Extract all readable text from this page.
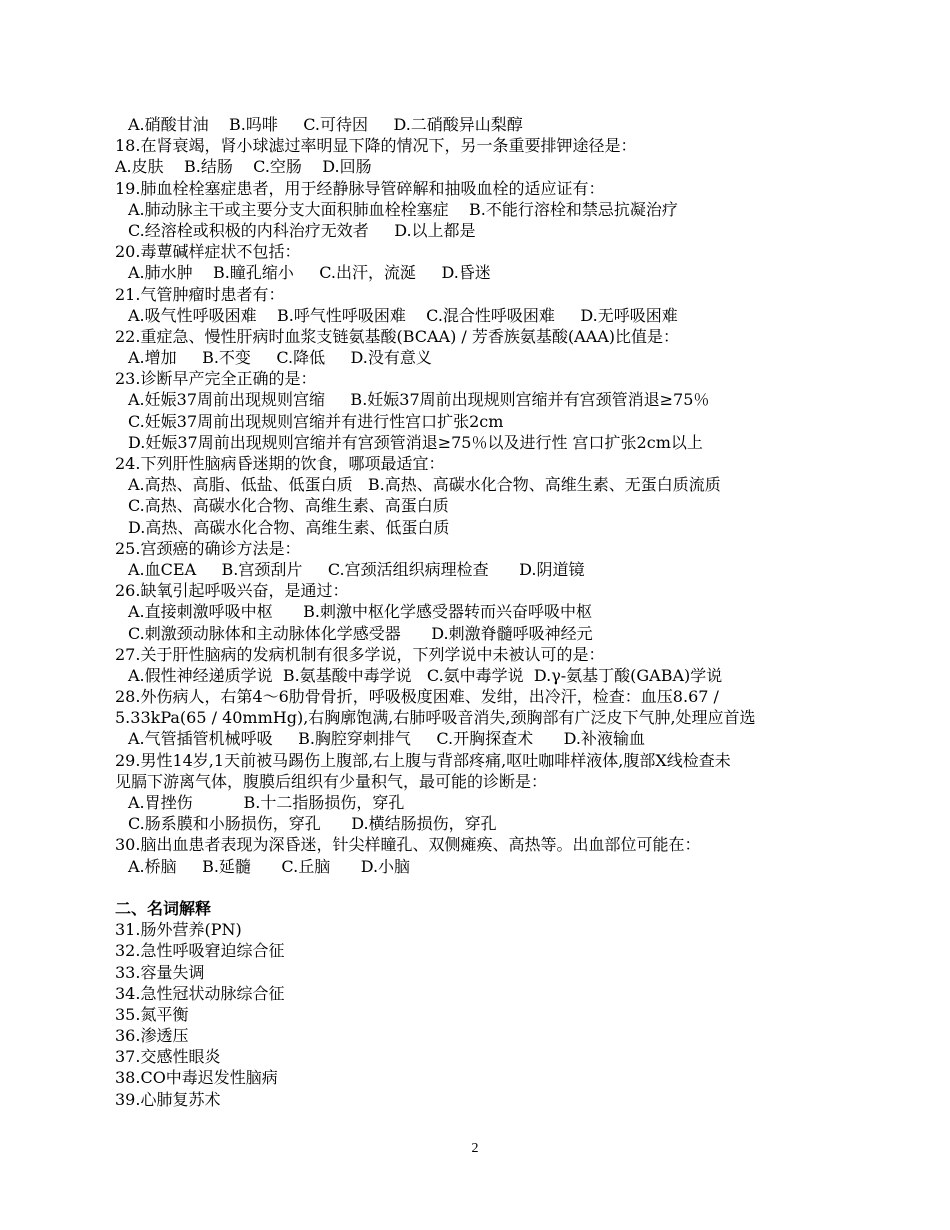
A.硝酸甘油    B.吗啡     C.可待因     D.二硝酸异山梨醇
18.在肾衰竭，肾小球滤过率明显下降的情况下，另一条重要排钾途径是：
A.皮肤    B.结肠    C.空肠    D.回肠
19.肺血栓栓塞症患者，用于经静脉导管碎解和抽吸血栓的适应证有：
A.肺动脉主干或主要分支大面积肺血栓栓塞症    B.不能行溶栓和禁忌抗凝治疗
C.经溶栓或积极的内科治疗无效者     D.以上都是
20.毒蕈碱样症状不包括：
A.肺水肿    B.瞳孔缩小     C.出汗，流涎     D.昏迷
21.气管肿瘤时患者有：
A.吸气性呼吸困难    B.呼气性呼吸困难    C.混合性呼吸困难     D.无呼吸困难
22.重症急、慢性肝病时血浆支链氨基酸(BCAA) / 芳香族氨基酸(AAA)比值是：
A.增加     B.不变     C.降低     D.没有意义
23.诊断早产完全正确的是：
A.妊娠37周前出现规则宫缩     B.妊娠37周前出现规则宫缩并有宫颈管消退≥75％
C.妊娠37周前出现规则宫缩并有进行性宫口扩张2cm
D.妊娠37周前出现规则宫缩并有宫颈管消退≥75％以及进行性 宫口扩张2cm以上
24.下列肝性脑病昏迷期的饮食，哪项最适宜：
A.高热、高脂、低盐、低蛋白质   B.高热、高碳水化合物、高维生素、无蛋白质流质
C.高热、高碳水化合物、高维生素、高蛋白质
D.高热、高碳水化合物、高维生素、低蛋白质
25.宫颈癌的确诊方法是：
A.血CEA     B.宫颈刮片     C.宫颈活组织病理检查      D.阴道镜
26.缺氧引起呼吸兴奋，是通过：
A.直接刺激呼吸中枢      B.刺激中枢化学感受器转而兴奋呼吸中枢
C.刺激颈动脉体和主动脉体化学感受器      D.刺激脊髓呼吸神经元
27.关于肝性脑病的发病机制有很多学说，下列学说中未被认可的是：
A.假性神经递质学说  B.氨基酸中毒学说   C.氨中毒学说  D.γ-氨基丁酸(GABA)学说
28.外伤病人，右第4～6肋骨骨折，呼吸极度困难、发绀，出冷汗，检查：血压8.67 /
5.33kPa(65 / 40mmHg),右胸廓饱满,右肺呼吸音消失,颈胸部有广泛皮下气肿,处理应首选
A.气管插管机械呼吸     B.胸腔穿刺排气     C.开胸探查术      D.补液输血
29.男性14岁,1天前被马踢伤上腹部,右上腹与背部疼痛,呕吐咖啡样液体,腹部X线检查未
见膈下游离气体，腹膜后组织有少量积气，最可能的诊断是：
A.胃挫伤          B.十二指肠损伤，穿孔
C.肠系膜和小肠损伤，穿孔      D.横结肠损伤，穿孔
30.脑出血患者表现为深昏迷，针尖样瞳孔、双侧瘫痪、高热等。出血部位可能在：
A.桥脑     B.延髓      C.丘脑      D.小脑
二、名词解释
31.肠外营养(PN)
32.急性呼吸窘迫综合征
33.容量失调
34.急性冠状动脉综合征
35.氮平衡
36.渗透压
37.交感性眼炎
38.CO中毒迟发性脑病
39.心肺复苏术
2
